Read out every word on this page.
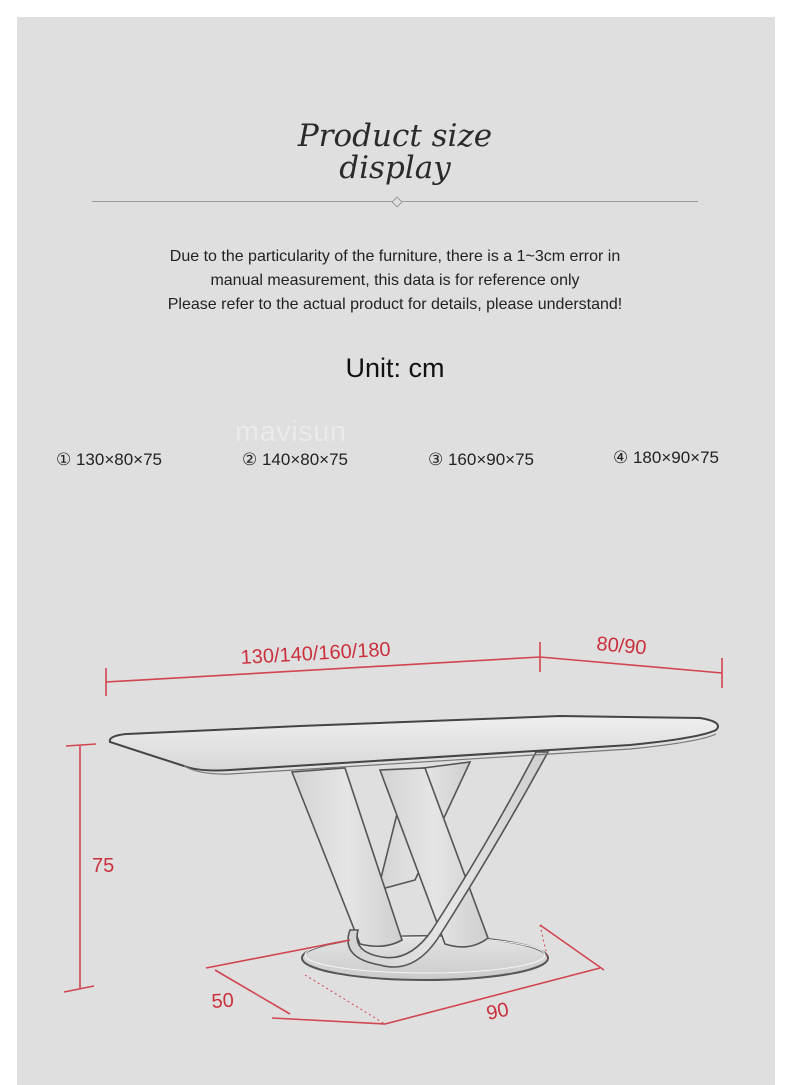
Product size
display
Due to the particularity of the furniture, there is a 1~3cm error in
manual measurement, this data is for reference only
Please refer to the actual product for details, please understand!
Unit: cm
mavisun
① 130×80×75	② 140×80×75	③ 160×90×75	④ 180×90×75
130/140/160/180	80/90
75
50	90
